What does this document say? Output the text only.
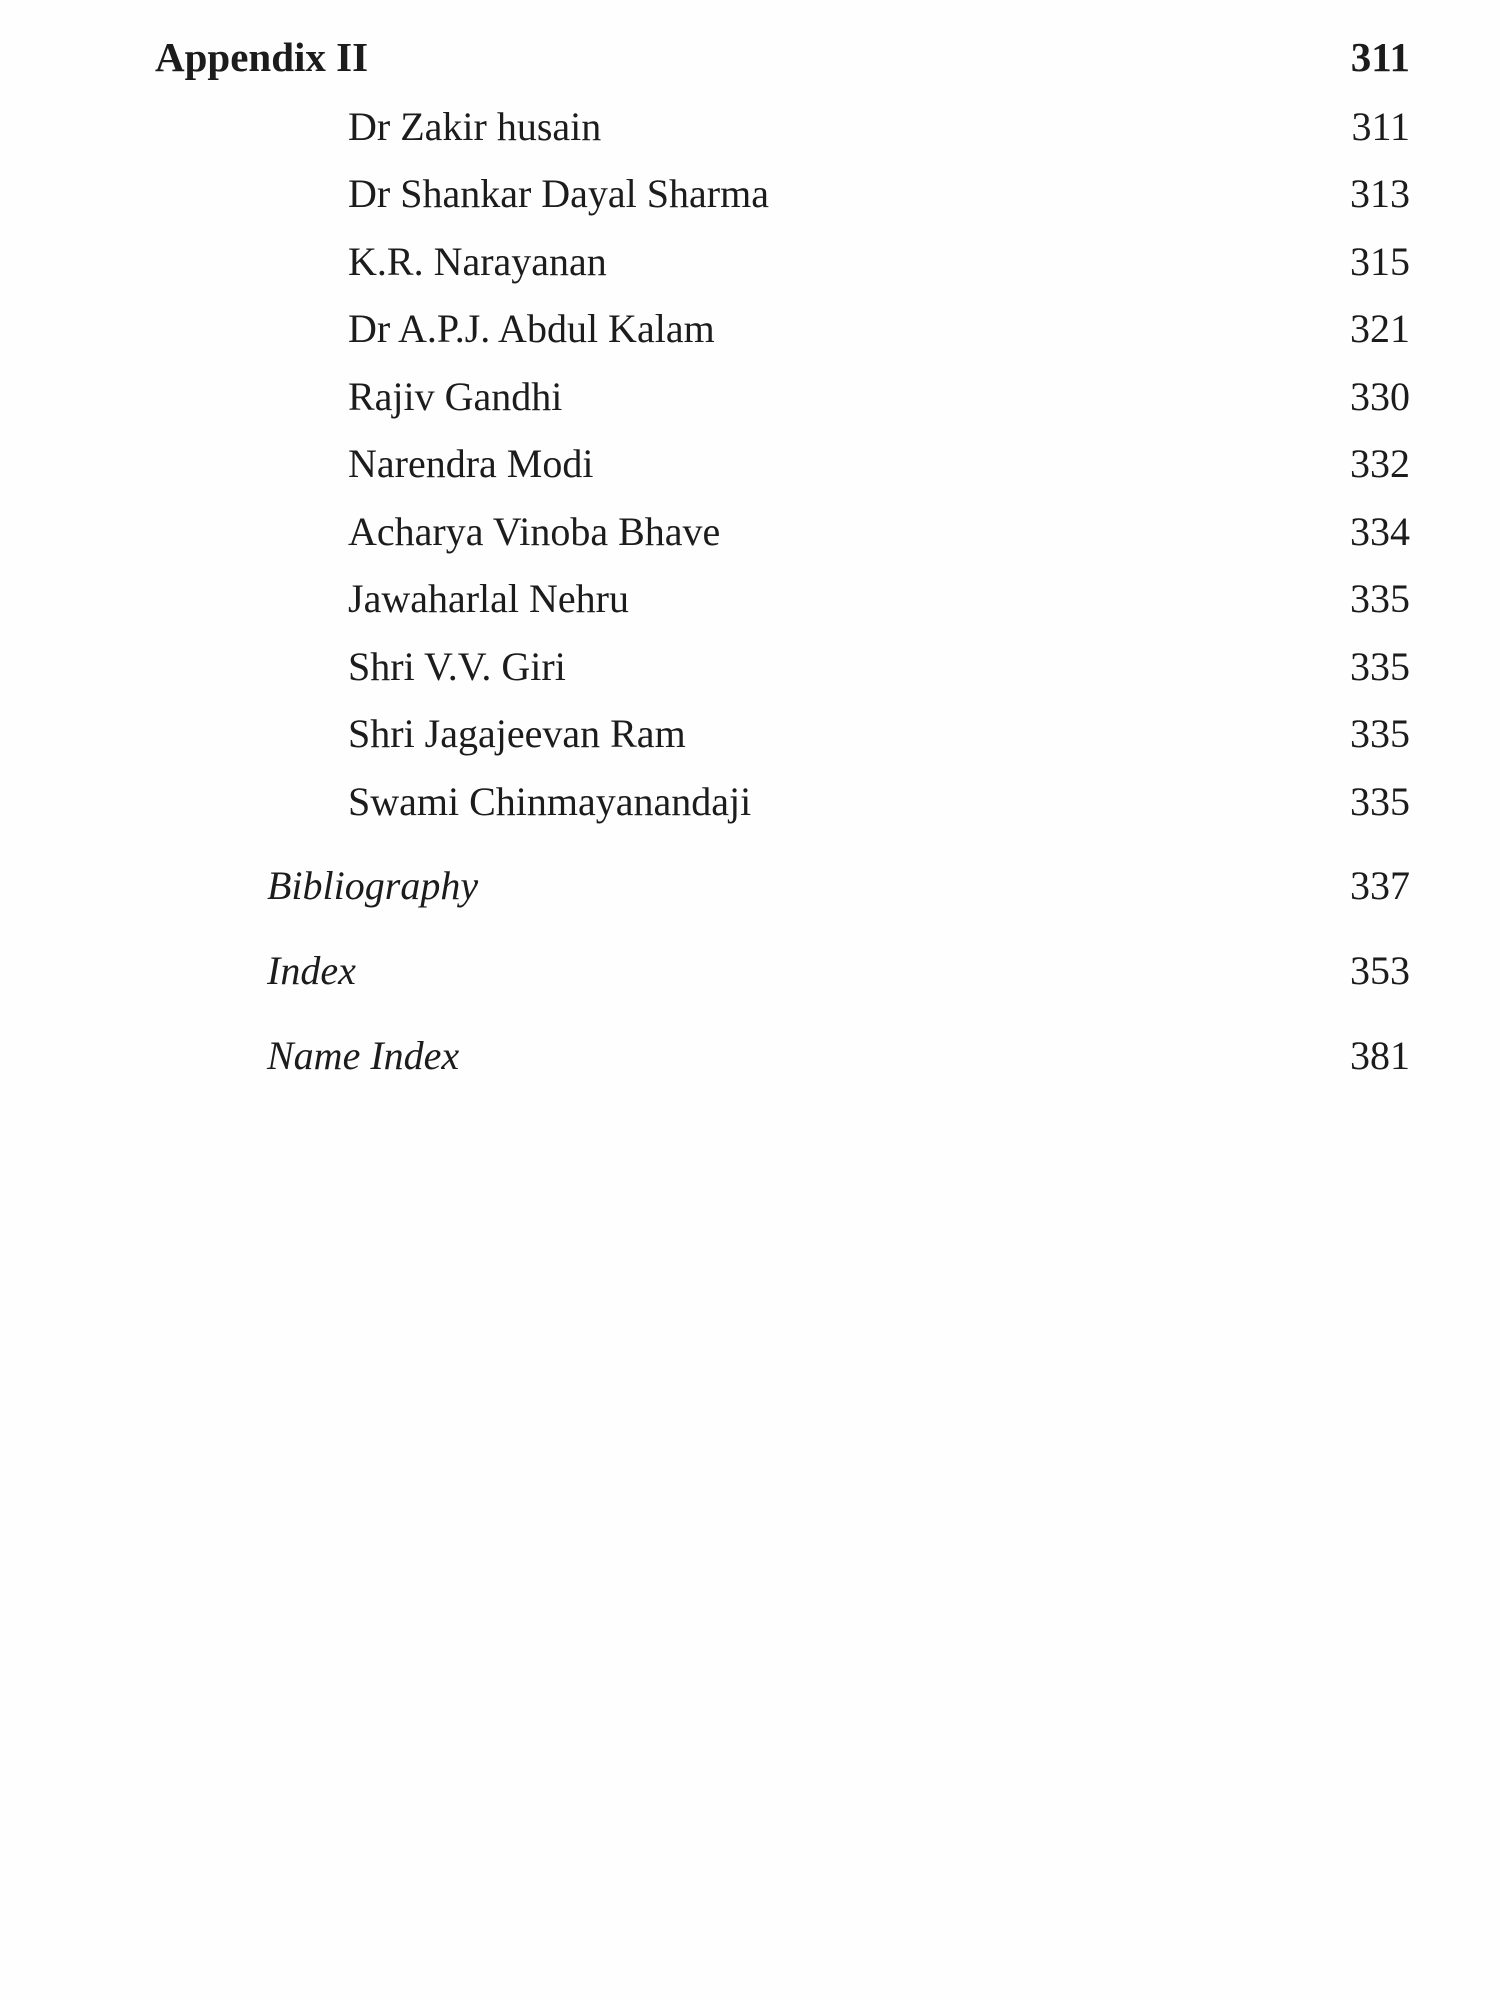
Appendix II	311
Dr Zakir husain	311
Dr Shankar Dayal Sharma	313
K.R. Narayanan	315
Dr A.P.J. Abdul Kalam	321
Rajiv Gandhi	330
Narendra Modi	332
Acharya Vinoba Bhave	334
Jawaharlal Nehru	335
Shri V.V. Giri	335
Shri Jagajeevan Ram	335
Swami Chinmayanandaji	335
Bibliography	337
Index	353
Name Index	381
